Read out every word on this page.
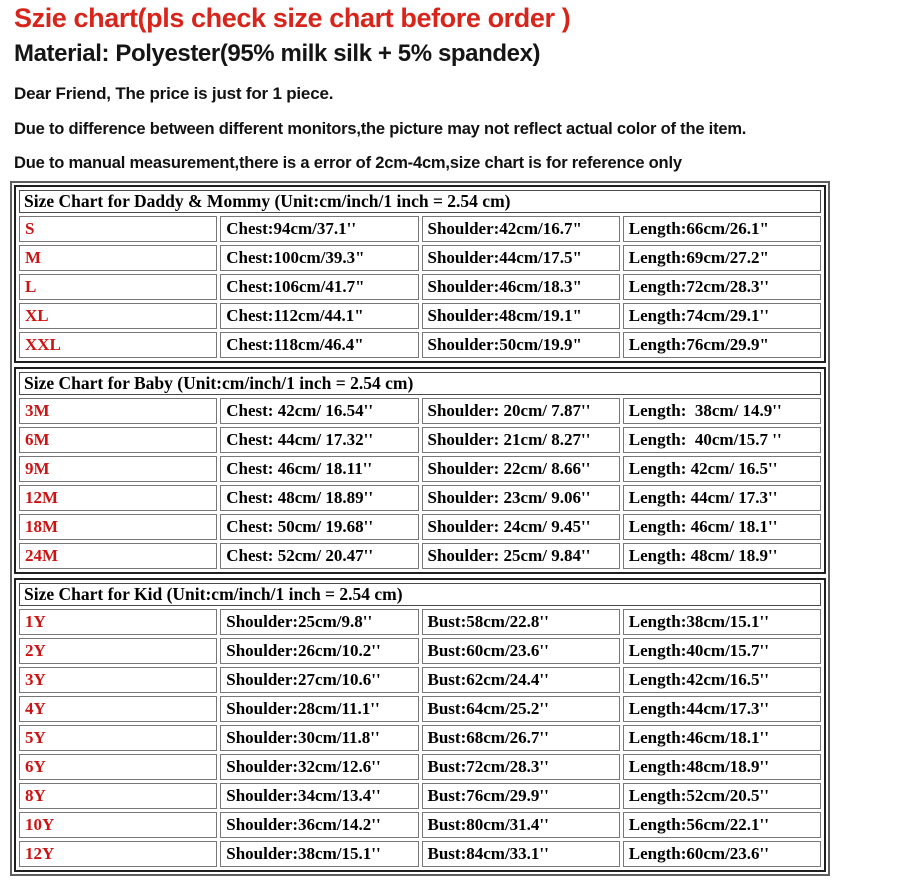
Szie chart(pls check size chart before order )
Material: Polyester(95% milk silk + 5% spandex)
Dear Friend, The price is just for 1 piece.
Due to difference between different monitors,the picture may not reflect actual color of the item.
Due to manual measurement,there is a error of 2cm-4cm,size chart is for reference only
Size Chart for Daddy & Mommy (Unit:cm/inch/1 inch = 2.54 cm)			
S	Chest:94cm/37.1''	Shoulder:42cm/16.7"	Length:66cm/26.1"
M	Chest:100cm/39.3"	Shoulder:44cm/17.5"	Length:69cm/27.2"
L	Chest:106cm/41.7"	Shoulder:46cm/18.3"	Length:72cm/28.3''
XL	Chest:112cm/44.1"	Shoulder:48cm/19.1"	Length:74cm/29.1''
XXL	Chest:118cm/46.4"	Shoulder:50cm/19.9"	Length:76cm/29.9"
Size Chart for Baby (Unit:cm/inch/1 inch = 2.54 cm)			
3M	Chest: 42cm/ 16.54''	Shoulder: 20cm/ 7.87''	Length:  38cm/ 14.9''
6M	Chest: 44cm/ 17.32''	Shoulder: 21cm/ 8.27''	Length:  40cm/15.7 ''
9M	Chest: 46cm/ 18.11''	Shoulder: 22cm/ 8.66''	Length: 42cm/ 16.5''
12M	Chest: 48cm/ 18.89''	Shoulder: 23cm/ 9.06''	Length: 44cm/ 17.3''
18M	Chest: 50cm/ 19.68''	Shoulder: 24cm/ 9.45''	Length: 46cm/ 18.1''
24M	Chest: 52cm/ 20.47''	Shoulder: 25cm/ 9.84''	Length: 48cm/ 18.9''
Size Chart for Kid (Unit:cm/inch/1 inch = 2.54 cm)			
1Y	Shoulder:25cm/9.8''	Bust:58cm/22.8''	Length:38cm/15.1''
2Y	Shoulder:26cm/10.2''	Bust:60cm/23.6''	Length:40cm/15.7''
3Y	Shoulder:27cm/10.6''	Bust:62cm/24.4''	Length:42cm/16.5''
4Y	Shoulder:28cm/11.1''	Bust:64cm/25.2''	Length:44cm/17.3''
5Y	Shoulder:30cm/11.8''	Bust:68cm/26.7''	Length:46cm/18.1''
6Y	Shoulder:32cm/12.6''	Bust:72cm/28.3''	Length:48cm/18.9''
8Y	Shoulder:34cm/13.4''	Bust:76cm/29.9''	Length:52cm/20.5''
10Y	Shoulder:36cm/14.2''	Bust:80cm/31.4''	Length:56cm/22.1''
12Y	Shoulder:38cm/15.1''	Bust:84cm/33.1''	Length:60cm/23.6''
